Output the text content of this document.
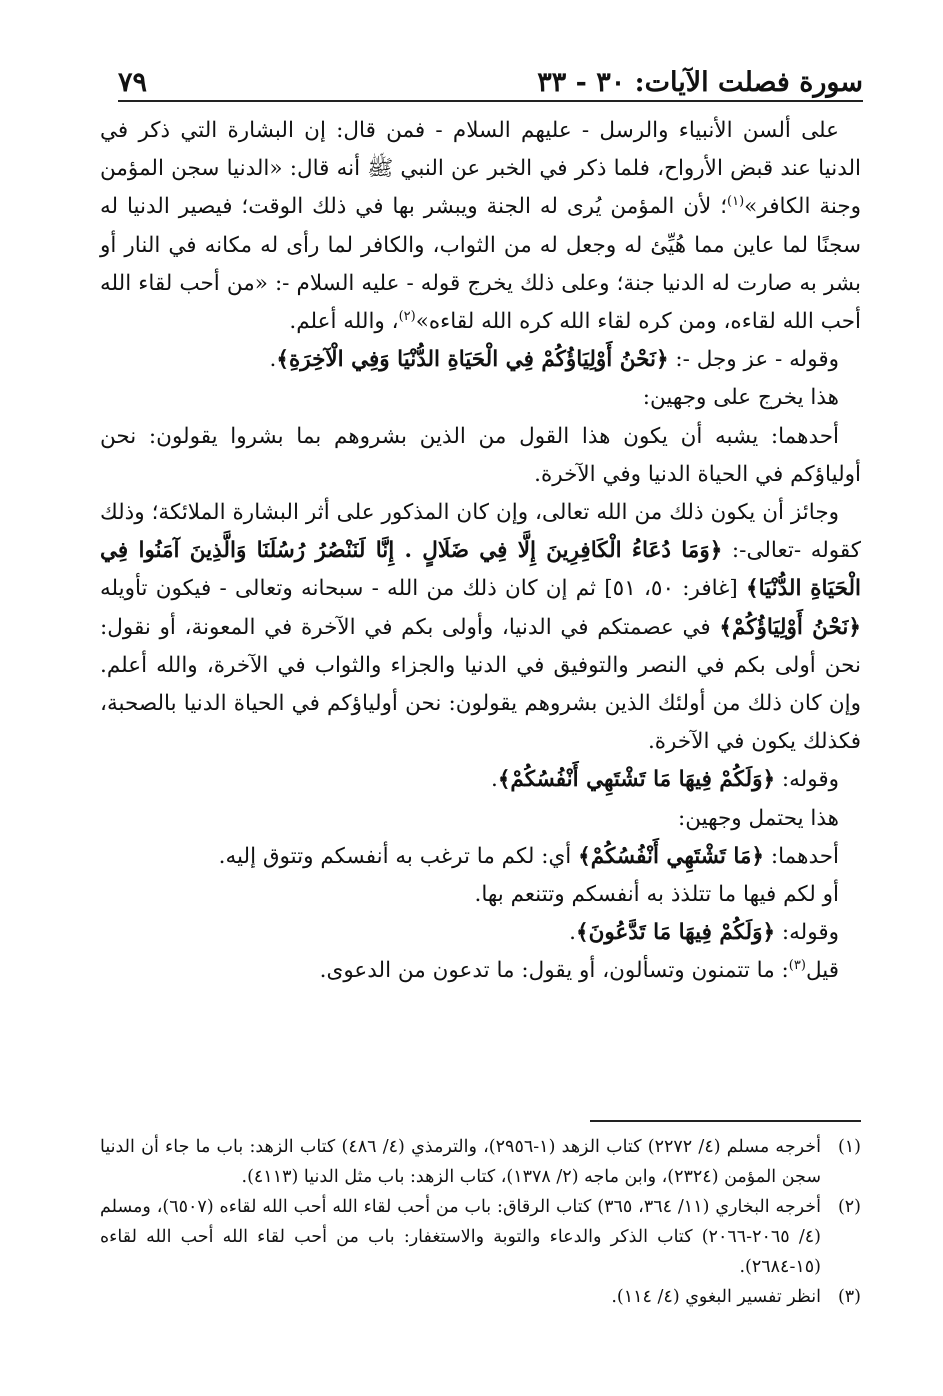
سورة فصلت الآيات: ٣٠ - ٣٣
٧٩

على ألسن الأنبياء والرسل - عليهم السلام - فمن قال: إن البشارة التي ذكر في الدنيا عند قبض الأرواح، فلما ذكر في الخبر عن النبي ﷺ أنه قال: «الدنيا سجن المؤمن وجنة الكافر»$^{(١)}$؛ لأن المؤمن يُرى له الجنة ويبشر بها في ذلك الوقت؛ فيصير الدنيا له سجنًا لما عاين مما هُيِّئ له وجعل له من الثواب، والكافر لما رأى له مكانه في النار أو بشر به صارت له الدنيا جنة؛ وعلى ذلك يخرج قوله - عليه السلام -: «من أحب لقاء الله أحب الله لقاءه، ومن كره لقاء الله كره الله لقاءه»$^{(٢)}$، والله أعلم.

وقوله - عز وجل -: ﴿نَحْنُ أَوْلِيَاؤُكُمْ فِي الْحَيَاةِ الدُّنْيَا وَفِي الْآخِرَةِ﴾.

هذا يخرج على وجهين:

أحدهما: يشبه أن يكون هذا القول من الذين بشروهم بما بشروا يقولون: نحن أولياؤكم في الحياة الدنيا وفي الآخرة.

وجائز أن يكون ذلك من الله تعالى، وإن كان المذكور على أثر البشارة الملائكة؛ وذلك كقوله -تعالى-: ﴿وَمَا دُعَاءُ الْكَافِرِينَ إِلَّا فِي ضَلَالٍ . إِنَّا لَنَنْصُرُ رُسُلَنَا وَالَّذِينَ آمَنُوا فِي الْحَيَاةِ الدُّنْيَا﴾ [غافر: ٥٠، ٥١] ثم إن كان ذلك من الله - سبحانه وتعالى - فيكون تأويله ﴿نَحْنُ أَوْلِيَاؤُكُمْ﴾ في عصمتكم في الدنيا، وأولى بكم في الآخرة في المعونة، أو نقول: نحن أولى بكم في النصر والتوفيق في الدنيا والجزاء والثواب في الآخرة، والله أعلم. وإن كان ذلك من أولئك الذين بشروهم يقولون: نحن أولياؤكم في الحياة الدنيا بالصحبة، فكذلك يكون في الآخرة.

وقوله: ﴿وَلَكُمْ فِيهَا مَا تَشْتَهِي أَنْفُسُكُمْ﴾.

هذا يحتمل وجهين:

أحدهما: ﴿مَا تَشْتَهِي أَنْفُسُكُمْ﴾ أي: لكم ما ترغب به أنفسكم وتتوق إليه.

أو لكم فيها ما تتلذذ به أنفسكم وتتنعم بها.

وقوله: ﴿وَلَكُمْ فِيهَا مَا تَدَّعُونَ﴾.

قيل$^{(٣)}$: ما تتمنون وتسألون، أو يقول: ما تدعون من الدعوى.

(١)
أخرجه مسلم (٤/ ٢٢٧٢) كتاب الزهد (١-٢٩٥٦)، والترمذي (٤/ ٤٨٦) كتاب الزهد: باب ما جاء أن الدنيا سجن المؤمن (٢٣٢٤)، وابن ماجه (٢/ ١٣٧٨)، كتاب الزهد: باب مثل الدنيا (٤١١٣).
(٢)
أخرجه البخاري (١١/ ٣٦٤، ٣٦٥) كتاب الرقاق: باب من أحب لقاء الله أحب الله لقاءه (٦٥٠٧)، ومسلم (٤/ ٢٠٦٥-٢٠٦٦) كتاب الذكر والدعاء والتوبة والاستغفار: باب من أحب لقاء الله أحب الله لقاءه (١٥-٢٦٨٤).
(٣)
انظر تفسير البغوي (٤/ ١١٤).
